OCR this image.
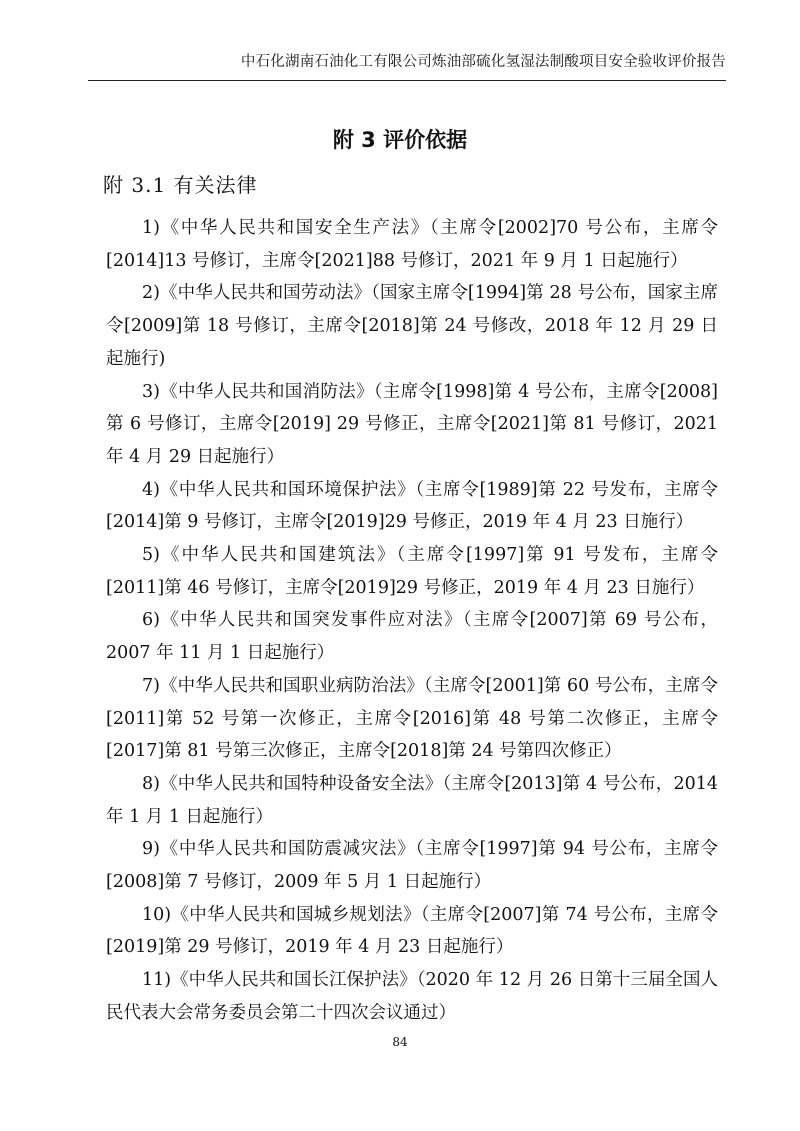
中石化湖南石油化工有限公司炼油部硫化氢湿法制酸项目安全验收评价报告
附 3 评价依据
附 3.1 有关法律

1)《中华人民共和国安全生产法》（主席令[2002]70 号公布，主席令[2014]13 号修订，主席令[2021]88 号修订，2021 年 9 月 1 日起施行）

2)《中华人民共和国劳动法》（国家主席令[1994]第 28 号公布，国家主席令[2009]第 18 号修订，主席令[2018]第 24 号修改，2018 年 12 月 29 日起施行)

3)《中华人民共和国消防法》（主席令[1998]第 4 号公布，主席令[2008]第 6 号修订，主席令[2019] 29 号修正，主席令[2021]第 81 号修订，2021 年 4 月 29 日起施行）

4)《中华人民共和国环境保护法》（主席令[1989]第 22 号发布，主席令[2014]第 9 号修订，主席令[2019]29 号修正，2019 年 4 月 23 日施行）

5)《中华人民共和国建筑法》（主席令[1997]第 91 号发布，主席令[2011]第 46 号修订，主席令[2019]29 号修正，2019 年 4 月 23 日施行）

6)《中华人民共和国突发事件应对法》（主席令[2007]第 69 号公布，2007 年 11 月 1 日起施行）

7)《中华人民共和国职业病防治法》（主席令[2001]第 60 号公布，主席令[2011]第 52 号第一次修正，主席令[2016]第 48 号第二次修正，主席令[2017]第 81 号第三次修正，主席令[2018]第 24 号第四次修正）

8)《中华人民共和国特种设备安全法》（主席令[2013]第 4 号公布，2014 年 1 月 1 日起施行）

9)《中华人民共和国防震减灾法》（主席令[1997]第 94 号公布，主席令[2008]第 7 号修订，2009 年 5 月 1 日起施行）

10)《中华人民共和国城乡规划法》（主席令[2007]第 74 号公布，主席令[2019]第 29 号修订，2019 年 4 月 23 日起施行）

11)《中华人民共和国长江保护法》（2020 年 12 月 26 日第十三届全国人民代表大会常务委员会第二十四次会议通过）

84
